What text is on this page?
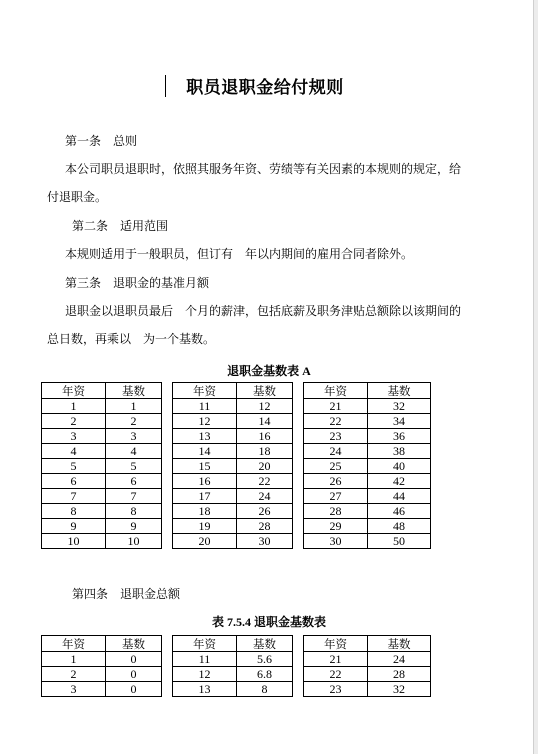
职员退职金给付规则
第一条　总则
本公司职员退职时，依照其服务年资、劳绩等有关因素的本规则的规定，给
付退职金。
第二条　适用范围
本规则适用于一般职员，但订有　年以内期间的雇用合同者除外。
第三条　退职金的基准月额
退职金以退职员最后　个月的薪津，包括底薪及职务津贴总额除以该期间的
总日数，再乘以　为一个基数。
退职金基数表 A
年资	基数		年资	基数		年资	基数
1	1		11	12		21	32
2	2		12	14		22	34
3	3		13	16		23	36
4	4		14	18		24	38
5	5		15	20		25	40
6	6		16	22		26	42
7	7		17	24		27	44
8	8		18	26		28	46
9	9		19	28		29	48
10	10		20	30		30	50
第四条　退职金总额
表 7.5.4 退职金基数表
年资	基数		年资	基数		年资	基数
1	0		11	5.6		21	24
2	0		12	6.8		22	28
3	0		13	8		23	32
